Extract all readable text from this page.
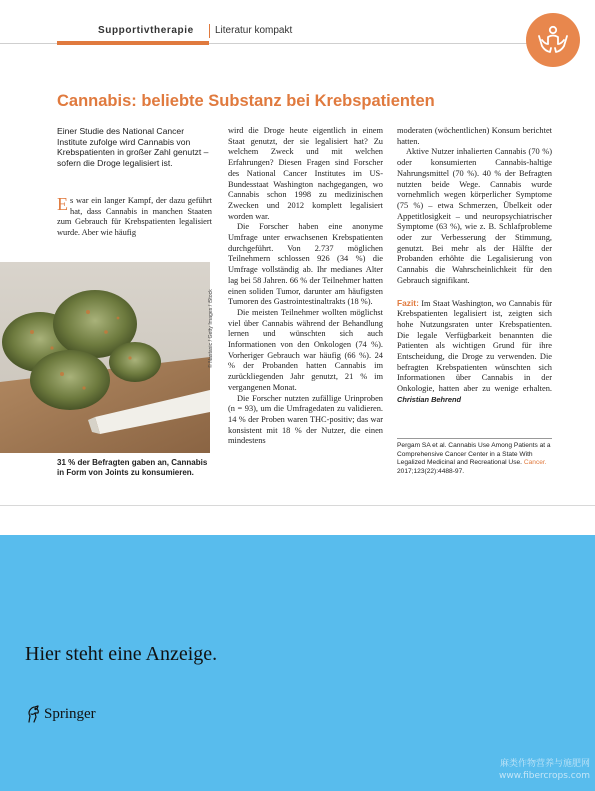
Supportivtherapie Literatur kompakt
Cannabis: beliebte Substanz bei Krebspatienten

Einer Studie des National Cancer Institute zufolge wird Cannabis von Krebspatienten in großer Zahl genutzt – sofern die Droge legalisiert ist.

Es war ein langer Kampf, der dazu geführt hat, dass Cannabis in manchen Staaten zum Gebrauch für Krebspatienten legalisiert wurde. Aber wie häufig
© Nastasic / Getty Images / iStock

31 % der Befragten gaben an, Cannabis in Form von Joints zu konsumieren.

wird die Droge heute eigentlich in einem Staat genutzt, der sie legalisiert hat? Zu welchem Zweck und mit welchen Erfahrungen? Diesen Fragen sind Forscher des National Cancer Institutes im US-Bundesstaat Washington nachgegangen, wo Cannabis schon 1998 zu medizinischen Zwecken und 2012 komplett legalisiert worden war.

Die Forscher haben eine anonyme Umfrage unter erwachsenen Krebspatienten durchgeführt. Von 2.737 möglichen Teilnehmern schlossen 926 (34 %) die Umfrage vollständig ab. Ihr medianes Alter lag bei 58 Jahren. 66 % der Teilnehmer hatten einen soliden Tumor, darunter am häufigsten Tumoren des Gastrointestinaltrakts (18 %).

Die meisten Teilnehmer wollten möglichst viel über Cannabis während der Behandlung lernen und wünschten sich auch Informationen von den Onkologen (74 %). Vorheriger Gebrauch war häufig (66 %). 24 % der Probanden hatten Cannabis im zurückliegenden Jahr genutzt, 21 % im vergangenen Monat.

Die Forscher nutzten zufällige Urinproben (n = 93), um die Umfragedaten zu validieren. 14 % der Proben waren THC-positiv; das war konsistent mit 18 % der Nutzer, die einen mindestens

moderaten (wöchentlichen) Konsum berichtet hatten.

Aktive Nutzer inhalierten Cannabis (70 %) oder konsumierten Cannabis-haltige Nahrungsmittel (70 %). 40 % der Befragten nutzten beide Wege. Cannabis wurde vornehmlich wegen körperlicher Symptome (75 %) – etwa Schmerzen, Übelkeit oder Appetitlosigkeit – und neuropsychiatrischer Symptome (63 %), wie z. B. Schlafprobleme oder zur Verbesserung der Stimmung, genutzt. Bei mehr als der Hälfte der Probanden erhöhte die Legalisierung von Cannabis die Wahrscheinlichkeit für den Gebrauch signifikant.

Fazit: Im Staat Washington, wo Cannabis für Krebspatienten legalisiert ist, zeigten sich hohe Nutzungsraten unter Krebspatienten. Die legale Verfügbarkeit benannten die Patienten als wichtigen Grund für ihre Entscheidung, die Droge zu verwenden. Die befragten Krebspatienten wünschten sich Informationen über Cannabis in der Onkologie, hatten aber zu wenige erhalten. Christian Behrend

Pergam SA et al. Cannabis Use Among Patients at a Comprehensive Cancer Center in a State With Legalized Medicinal and Recreational Use. Cancer. 2017;123(22):4488-97.

Hier steht eine Anzeige.
Springer
麻类作物营养与施肥网
www.fibercrops.com
